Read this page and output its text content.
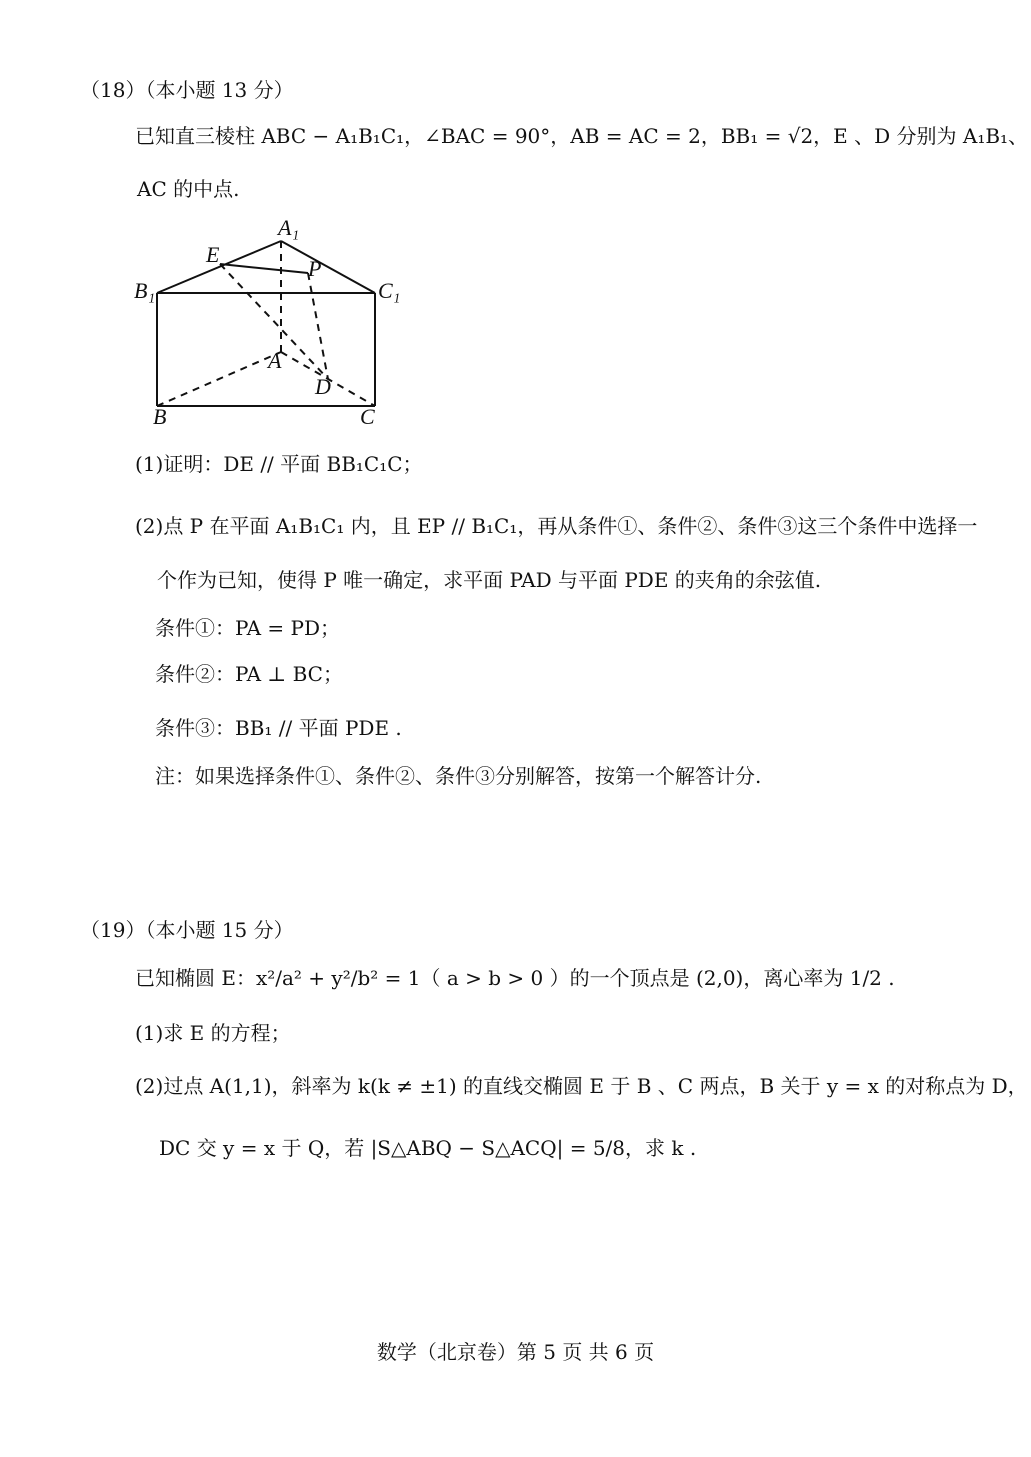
（18）（本小题 13 分）
已知直三棱柱 ABC − A₁B₁C₁，∠BAC = 90°，AB = AC = 2，BB₁ = √2，E 、D 分别为 A₁B₁、
AC 的中点.
A₁
E
P
B₁	C₁
A
D
B	C
(1)证明：DE // 平面 BB₁C₁C；
(2)点 P 在平面 A₁B₁C₁ 内，且 EP // B₁C₁，再从条件①、条件②、条件③这三个条件中选择一
个作为已知，使得 P 唯一确定，求平面 PAD 与平面 PDE 的夹角的余弦值.
条件①：PA = PD；
条件②：PA ⊥ BC；
条件③：BB₁ // 平面 PDE .
注：如果选择条件①、条件②、条件③分别解答，按第一个解答计分.
（19）（本小题 15 分）
已知椭圆 E：x²/a² + y²/b² = 1（ a > b > 0 ）的一个顶点是 (2,0)，离心率为 1/2 .
(1)求 E 的方程；
(2)过点 A(1,1)，斜率为 k(k ≠ ±1) 的直线交椭圆 E 于 B 、C 两点，B 关于 y = x 的对称点为 D，
DC 交 y = x 于 Q，若 |S△ABQ − S△ACQ| = 5/8，求 k .
数学（北京卷）第 5 页 共 6 页
